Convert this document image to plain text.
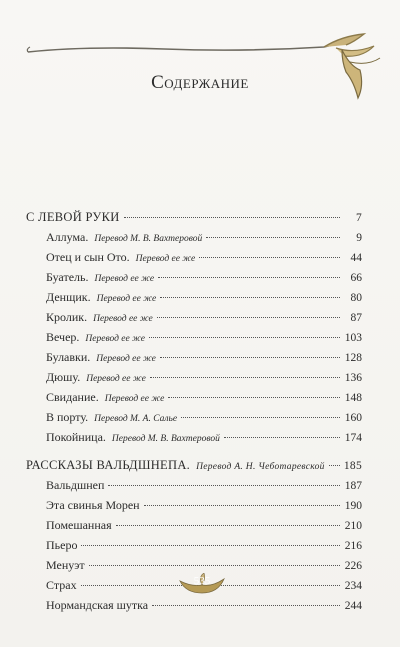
Содержание
С ЛЕВОЙ РУКИ	7
Аллума. Перевод М. В. Вахтеровой	9
Отец и сын Ото. Перевод ее же	44
Буатель. Перевод ее же	66
Денщик. Перевод ее же	80
Кролик. Перевод ее же	87
Вечер. Перевод ее же	103
Булавки. Перевод ее же	128
Дюшу. Перевод ее же	136
Свидание. Перевод ее же	148
В порту. Перевод М. А. Салье	160
Покойница. Перевод М. В. Вахтеровой	174
РАССКАЗЫ ВАЛЬДШНЕПА. Перевод А. Н. Чеботаревской 185
Вальдшнеп	187
Эта свинья Морен	190
Помешанная	210
Пьеро	216
Менуэт	226
Страх	234
Нормандская шутка	244
535
